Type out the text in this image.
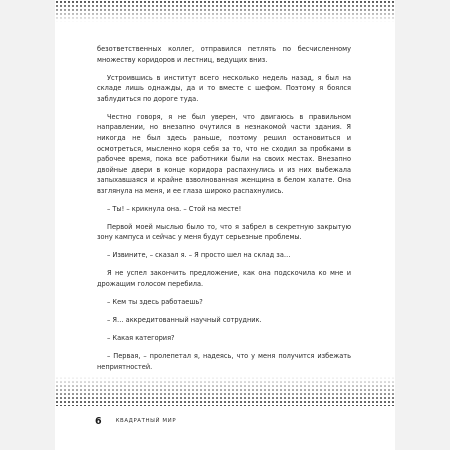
безответственных коллег, отправился петлять по бесчисленному множеству коридоров и лестниц, ведущих вниз.

Устроившись в институт всего несколько недель назад, я был на складе лишь однажды, да и то вместе с шефом. Поэтому я боялся заблудиться по дороге туда.

Честно говоря, я не был уверен, что двигаюсь в правильном направлении, но внезапно очутился в незнакомой части здания. Я никогда не был здесь раньше, поэтому решил остановиться и осмотреться, мысленно коря себя за то, что не сходил за пробками в рабочее время, пока все работники были на своих местах. Внезапно двойные двери в конце коридора распахнулись и из них выбежала запыхавшаяся и крайне взволнованная женщина в белом халате. Она взглянула на меня, и ее глаза широко распахнулись.

– Ты! – крикнула она. – Стой на месте!

Первой моей мыслью было то, что я забрел в секретную закрытую зону кампуса и сейчас у меня будут серьезные проблемы.

– Извините, – сказал я. – Я просто шел на склад за…

Я не успел закончить предложение, как она подскочила ко мне и дрожащим голосом перебила.

– Кем ты здесь работаешь?

– Я… аккредитованный научный сотрудник.

– Какая категория?

– Первая, – пролепетал я, надеясь, что у меня получится избежать неприятностей.

6	КВАДРАТНЫЙ МИР
